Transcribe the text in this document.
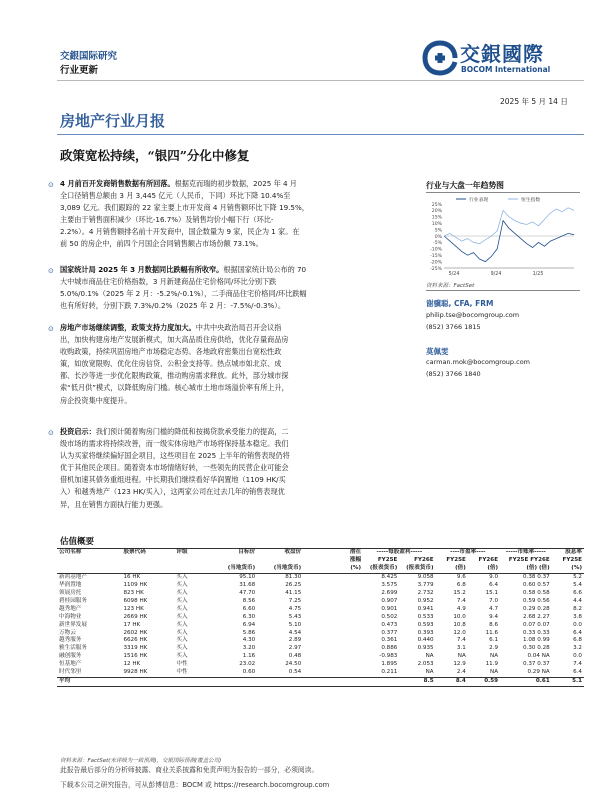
交銀国际研究
行业更新
交銀國際
BOCOM International
2025 年 5 月 14 日
房地产行业月报
政策宽松持续，“银四”分化中修复
⊙ 4 月前百开发商销售数据有所回落。根据克而瑞的初步数据，2025 年 4 月
全口径销售总额由 3 月 3,445 亿元（人民币，下同）环比下降 10.4%至
3,089 亿元。我们跟踪的 22 家主要上市开发商 4 月销售额环比下降 19.5%，
主要由于销售面积减少（环比-16.7%）及销售均价小幅下行（环比-
2.2%）。4 月销售额排名前十开发商中，国企数量为 9 家，民企为 1 家。在
前 50 的房企中，前四个月国企合同销售额占市场份额 73.1%。
⊙ 国家统计局 2025 年 3 月数据同比跌幅有所收窄。根据国家统计局公布的 70
大中城市商品住宅价格指数，3 月新建商品住宅价格同/环比分别下跌
5.0%/0.1%（2025 年 2 月：-5.2%/-0.1%），二手商品住宅价格同/环比跌幅
也有所好转，分别下跌 7.3%/0.2%（2025 年 2 月：-7.5%/-0.3%）。
⊙ 房地产市场继续调整，政策支持力度加大。中共中央政治局召开会议指
出，加快构建房地产发展新模式，加大高品质住房供给，优化存量商品房
收购政策，持续巩固房地产市场稳定态势。各地政府密集出台宽松性政
策，如放宽限购、优化住房信贷、公积金支持等。热点城市如北京、成
都、长沙等进一步优化限购政策，推动购房需求释放。此外，部分城市探
索“低月供”模式，以降低购房门槛。核心城市土地市场溢价率有所上升，
房企投资集中度提升。
⊙ 投资启示：我们预计随着购房门槛的降低和按揭贷款承受能力的提高，二
级市场的需求将持续改善，而一级实体房地产市场将保持基本稳定。我们
认为买家将继续偏好国企项目，这些项目在 2025 上半年的销售表现仍将
优于其他民企项目。随着资本市场情绪好转，一些领先的民营企业可能会
借机加速其债务重组进程。中长期我们继续看好华润置地（1109 HK/买
入）和越秀地产（123 HK/买入），这两家公司在过去几年的销售表现优
异，且在销售方面执行能力更强。
行业与大盘一年趋势图
25%
20%
15%
10%
5%
0%
-5%
-10%
-15%
-20%
-25%
5/24	9/24	1/25
行业表现	恒生指数
资料来源：FactSet
谢骥聪, CFA, FRM
philip.tse@bocomgroup.com
(852) 3766 1815
莫佩雯
carman.mok@bocomgroup.com
(852) 3766 1840
估值概要
公司名称	股票代码	评级	目标价	收盘价	潜在	-----每股盈利-----		----市盈率----		-----市账率-----	股息率
					涨幅	FY25E	FY26E	FY25E	FY26E	FY25E FY26E	FY25E
			(当地货币)	(当地货币)	(%)	(报表货币)	(报表货币)	(倍)	(倍)	(倍) (倍)	(%)
新鸿基地产	16 HK	买入	95.10	81.30		8.425	9.058	9.6	9.0	0.38 0.37	5.2
华润置地	1109 HK	买入	31.68	26.25		3.575	3.779	6.8	6.4	0.60 0.57	5.4
领展房托	823 HK	买入	47.70	41.15		2.699	2.732	15.2	15.1	0.58 0.58	6.6
碧桂园服务	6098 HK	买入	8.56	7.25		0.907	0.952	7.4	7.0	0.59 0.56	4.4
越秀地产	123 HK	买入	6.60	4.75		0.901	0.941	4.9	4.7	0.29 0.28	8.2
中海物业	2669 HK	买入	6.30	5.43		0.502	0.533	10.0	9.4	2.68 2.27	3.8
新世界发展	17 HK	买入	6.94	5.10		0.473	0.593	10.8	8.6	0.07 0.07	0.0
万物云	2602 HK	买入	5.86	4.54		0.377	0.393	12.0	11.6	0.33 0.33	6.4
越秀服务	6626 HK	买入	4.30	2.89		0.361	0.440	7.4	6.1	1.08 0.99	6.8
雅生活服务	3319 HK	买入	3.20	2.97		0.886	0.935	3.1	2.9	0.30 0.28	3.2
融创服务	1516 HK	买入	1.16	0.48		-0.983	NA	NA	NA	0.04 NA	0.0
恒基地产	12 HK	中性	23.02	24.50		1.895	2.053	12.9	11.9	0.37 0.37	7.4
时代邻里	9928 HK	中性	0.60	0.54		0.211	NA	2.4	NA	0.29 NA	6.4
平均							8.5	8.4	0.59	0.61	5.1
资料来源：FactSet(未评级为一致预测)，交银国际预测(覆盖公司)
此报告最后部分的分析师披露、商业关系披露和免责声明为报告的一部分，必须阅读。
下载本公司之研究报告，可从彭博信息：BOCM 或 https://research.bocomgroup.com
